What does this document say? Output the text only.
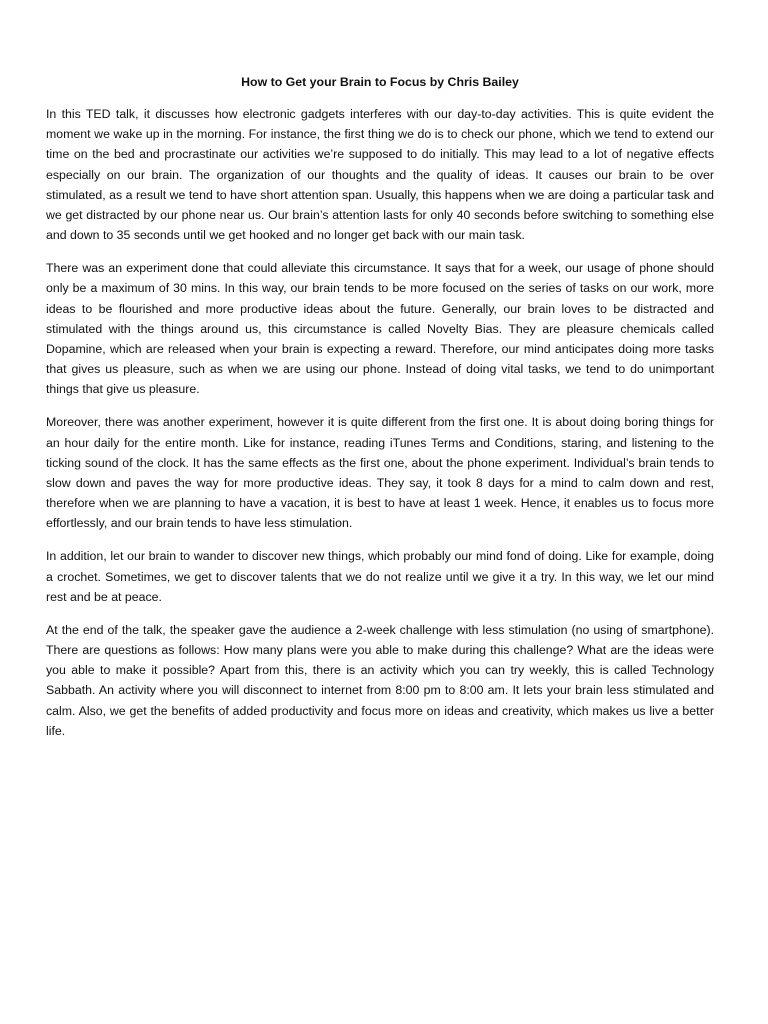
How to Get your Brain to Focus by Chris Bailey

In this TED talk, it discusses how electronic gadgets interferes with our day-to-day activities. This is quite evident the moment we wake up in the morning. For instance, the first thing we do is to check our phone, which we tend to extend our time on the bed and procrastinate our activities we’re supposed to do initially. This may lead to a lot of negative effects especially on our brain. The organization of our thoughts and the quality of ideas. It causes our brain to be over stimulated, as a result we tend to have short attention span. Usually, this happens when we are doing a particular task and we get distracted by our phone near us. Our brain’s attention lasts for only 40 seconds before switching to something else and down to 35 seconds until we get hooked and no longer get back with our main task.

There was an experiment done that could alleviate this circumstance. It says that for a week, our usage of phone should only be a maximum of 30 mins. In this way, our brain tends to be more focused on the series of tasks on our work, more ideas to be flourished and more productive ideas about the future. Generally, our brain loves to be distracted and stimulated with the things around us, this circumstance is called Novelty Bias. They are pleasure chemicals called Dopamine, which are released when your brain is expecting a reward. Therefore, our mind anticipates doing more tasks that gives us pleasure, such as when we are using our phone. Instead of doing vital tasks, we tend to do unimportant things that give us pleasure.

Moreover, there was another experiment, however it is quite different from the first one. It is about doing boring things for an hour daily for the entire month. Like for instance, reading iTunes Terms and Conditions, staring, and listening to the ticking sound of the clock. It has the same effects as the first one, about the phone experiment. Individual’s brain tends to slow down and paves the way for more productive ideas. They say, it took 8 days for a mind to calm down and rest, therefore when we are planning to have a vacation, it is best to have at least 1 week. Hence, it enables us to focus more effortlessly, and our brain tends to have less stimulation.

In addition, let our brain to wander to discover new things, which probably our mind fond of doing. Like for example, doing a crochet. Sometimes, we get to discover talents that we do not realize until we give it a try. In this way, we let our mind rest and be at peace.

At the end of the talk, the speaker gave the audience a 2-week challenge with less stimulation (no using of smartphone). There are questions as follows: How many plans were you able to make during this challenge? What are the ideas were you able to make it possible? Apart from this, there is an activity which you can try weekly, this is called Technology Sabbath. An activity where you will disconnect to internet from 8:00 pm to 8:00 am. It lets your brain less stimulated and calm. Also, we get the benefits of added productivity and focus more on ideas and creativity, which makes us live a better life.
